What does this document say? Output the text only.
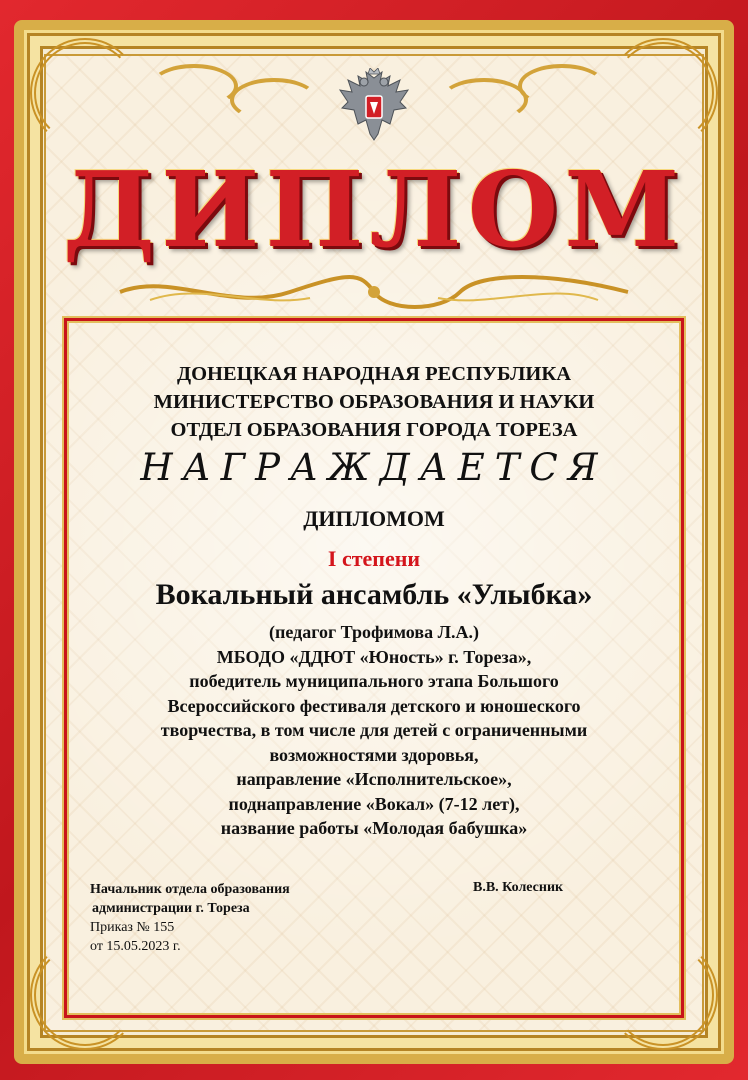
ДИПЛОМ
ДОНЕЦКАЯ НАРОДНАЯ РЕСПУБЛИКА
МИНИСТЕРСТВО ОБРАЗОВАНИЯ И НАУКИ
ОТДЕЛ ОБРАЗОВАНИЯ ГОРОДА ТОРЕЗА
НАГРАЖДАЕТСЯ
ДИПЛОМОМ
I степени
Вокальный ансамбль «Улыбка»
(педагог Трофимова Л.А.)
МБОДО «ДДЮТ «Юность» г. Тореза»,
победитель муниципального этапа Большого
Всероссийского фестиваля детского и юношеского
творчества, в том числе для детей с ограниченными
возможностями здоровья,
направление «Исполнительское»,
поднаправление «Вокал» (7-12 лет),
название работы «Молодая бабушка»
Начальник отдела образования
администрации г. Тореза
Приказ № 155
от 15.05.2023 г.
В.В. Колесник
